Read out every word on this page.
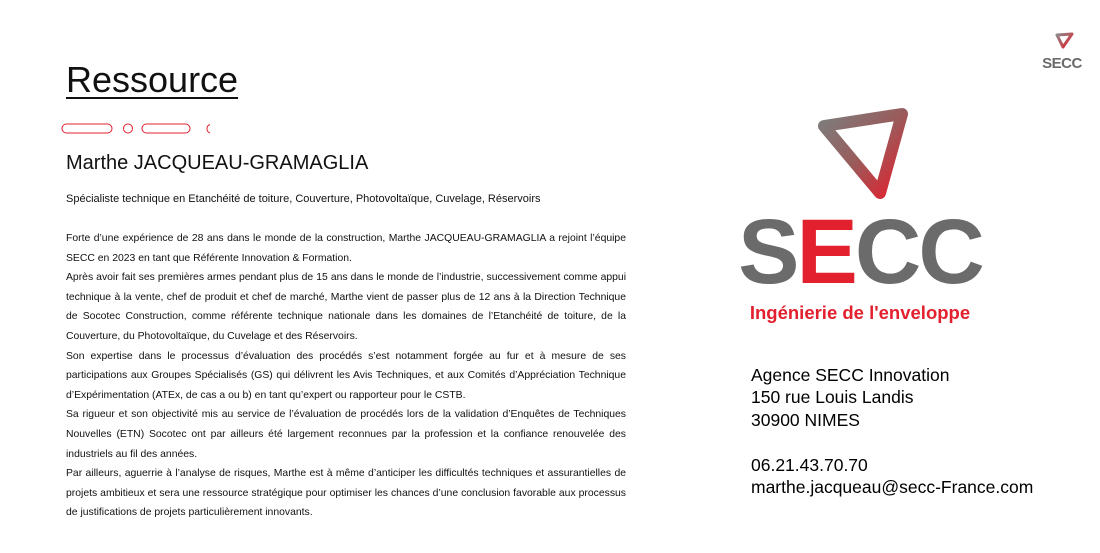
SECC
Ressource
Marthe JACQUEAU-GRAMAGLIA
Spécialiste technique en Etanchéité de toiture, Couverture, Photovoltaïque, Cuvelage, Réservoirs

Forte d’une expérience de 28 ans dans le monde de la construction, Marthe JACQUEAU-GRAMAGLIA a rejoint l’équipe SECC en 2023 en tant que Référente Innovation & Formation.

Après avoir fait ses premières armes pendant plus de 15 ans dans le monde de l’industrie, successivement comme appui technique à la vente, chef de produit et chef de marché, Marthe vient de passer plus de 12 ans à la Direction Technique de Socotec Construction, comme référente technique nationale dans les domaines de l’Etanchéité de toiture, de la Couverture, du Photovoltaïque, du Cuvelage et des Réservoirs.

Son expertise dans le processus d’évaluation des procédés s’est notamment forgée au fur et à mesure de ses participations aux Groupes Spécialisés (GS) qui délivrent les Avis Techniques, et aux Comités d’Appréciation Technique d’Expérimentation (ATEx, de cas a ou b) en tant qu’expert ou rapporteur pour le CSTB.

Sa rigueur et son objectivité mis au service de l’évaluation de procédés lors de la validation d’Enquêtes de Techniques Nouvelles (ETN) Socotec ont par ailleurs été largement reconnues par la profession et la confiance renouvelée des industriels au fil des années.

Par ailleurs, aguerrie à l’analyse de risques, Marthe est à même d’anticiper les difficultés techniques et assurantielles de projets ambitieux et sera une ressource stratégique pour optimiser les chances d’une conclusion favorable aux processus de justifications de projets particulièrement innovants.

SECC
Ingénierie de l'enveloppe
Agence SECC Innovation
150 rue Louis Landis
30900 NIMES
06.21.43.70.70
marthe.jacqueau@secc-France.com
